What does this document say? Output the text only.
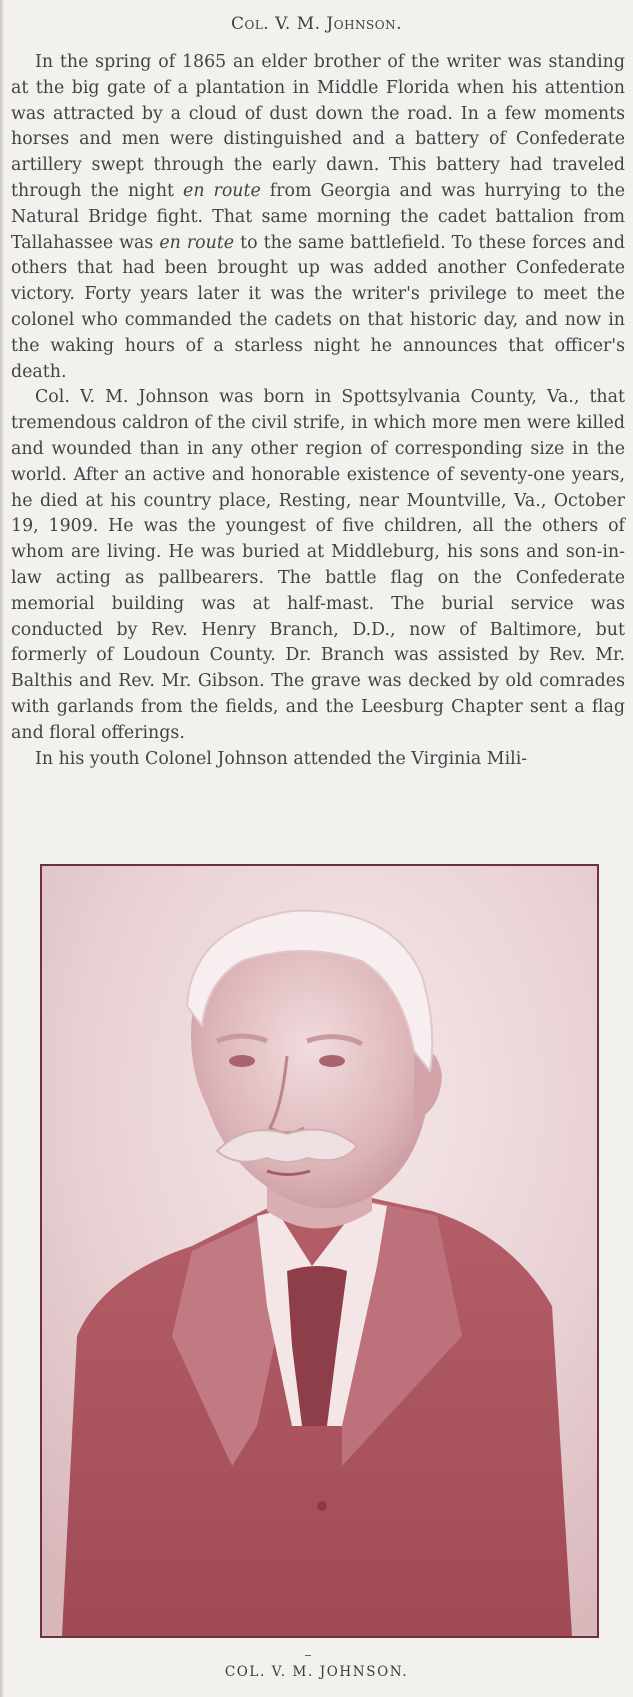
Col. V. M. Johnson.

In the spring of 1865 an elder brother of the writer was standing at the big gate of a plantation in Middle Florida when his attention was attracted by a cloud of dust down the road. In a few moments horses and men were distinguished and a battery of Confederate artillery swept through the early dawn. This battery had traveled through the night en route from Georgia and was hurrying to the Natural Bridge fight. That same morning the cadet battalion from Tallahassee was en route to the same battlefield. To these forces and others that had been brought up was added another Confederate victory. Forty years later it was the writer's privilege to meet the colonel who commanded the cadets on that historic day, and now in the waking hours of a starless night he announces that officer's death.

Col. V. M. Johnson was born in Spottsylvania County, Va., that tremendous caldron of the civil strife, in which more men were killed and wounded than in any other region of corresponding size in the world. After an active and honorable existence of seventy-one years, he died at his country place, Resting, near Mountville, Va., October 19, 1909. He was the youngest of five children, all the others of whom are living. He was buried at Middleburg, his sons and son-in-law acting as pallbearers. The battle flag on the Confederate memorial building was at half-mast. The burial service was conducted by Rev. Henry Branch, D.D., now of Baltimore, but formerly of Loudoun County. Dr. Branch was assisted by Rev. Mr. Balthis and Rev. Mr. Gibson. The grave was decked by old comrades with garlands from the fields, and the Leesburg Chapter sent a flag and floral offerings.

In his youth Colonel Johnson attended the Virginia Mili-

COL. V. M. JOHNSON.
